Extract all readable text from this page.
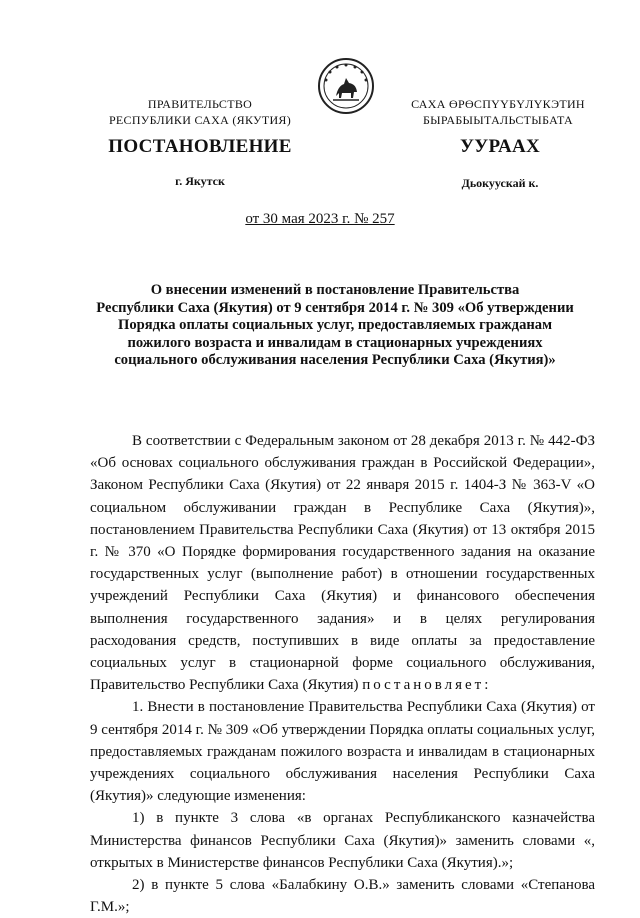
ПРАВИТЕЛЬСТВО
РЕСПУБЛИКИ САХА (ЯКУТИЯ)
САХА ӨРӨСПҮҮБҮЛҮКЭТИН
БЫРАБЫЫТАЛЬСТЫБАТА
ПОСТАНОВЛЕНИЕ	УУРААХ
г. Якутск	Дьокуускай к.
от 30 мая 2023 г. № 257
О внесении изменений в постановление Правительства
Республики Саха (Якутия) от 9 сентября 2014 г. № 309 «Об утверждении
Порядка оплаты социальных услуг, предоставляемых гражданам
пожилого возраста и инвалидам в стационарных учреждениях
социального обслуживания населения Республики Саха (Якутия)»

В соответствии с Федеральным законом от 28 декабря 2013 г. № 442-ФЗ «Об основах социального обслуживания граждан в Российской Федерации», Законом Республики Саха (Якутия) от 22 января 2015 г. 1404-З № 363-V «О социальном обслуживании граждан в Республике Саха (Якутия)», постановлением Правительства Республики Саха (Якутия) от 13 октября 2015 г. № 370 «О Порядке формирования государственного задания на оказание государственных услуг (выполнение работ) в отношении государственных учреждений Республики Саха (Якутия) и финансового обеспечения выполнения государственного задания» и в целях регулирования расходования средств, поступивших в виде оплаты за предоставление социальных услуг в стационарной форме социального обслуживания, Правительство Республики Саха (Якутия) постановляет:

1. Внести в постановление Правительства Республики Саха (Якутия) от 9 сентября 2014 г. № 309 «Об утверждении Порядка оплаты социальных услуг, предоставляемых гражданам пожилого возраста и инвалидам в стационарных учреждениях социального обслуживания населения Республики Саха (Якутия)» следующие изменения:

1) в пункте 3 слова «в органах Республиканского казначейства Министерства финансов Республики Саха (Якутия)» заменить словами «, открытых в Министерстве финансов Республики Саха (Якутия).»;

2) в пункте 5 слова «Балабкину О.В.» заменить словами «Степанова Г.М.»;
